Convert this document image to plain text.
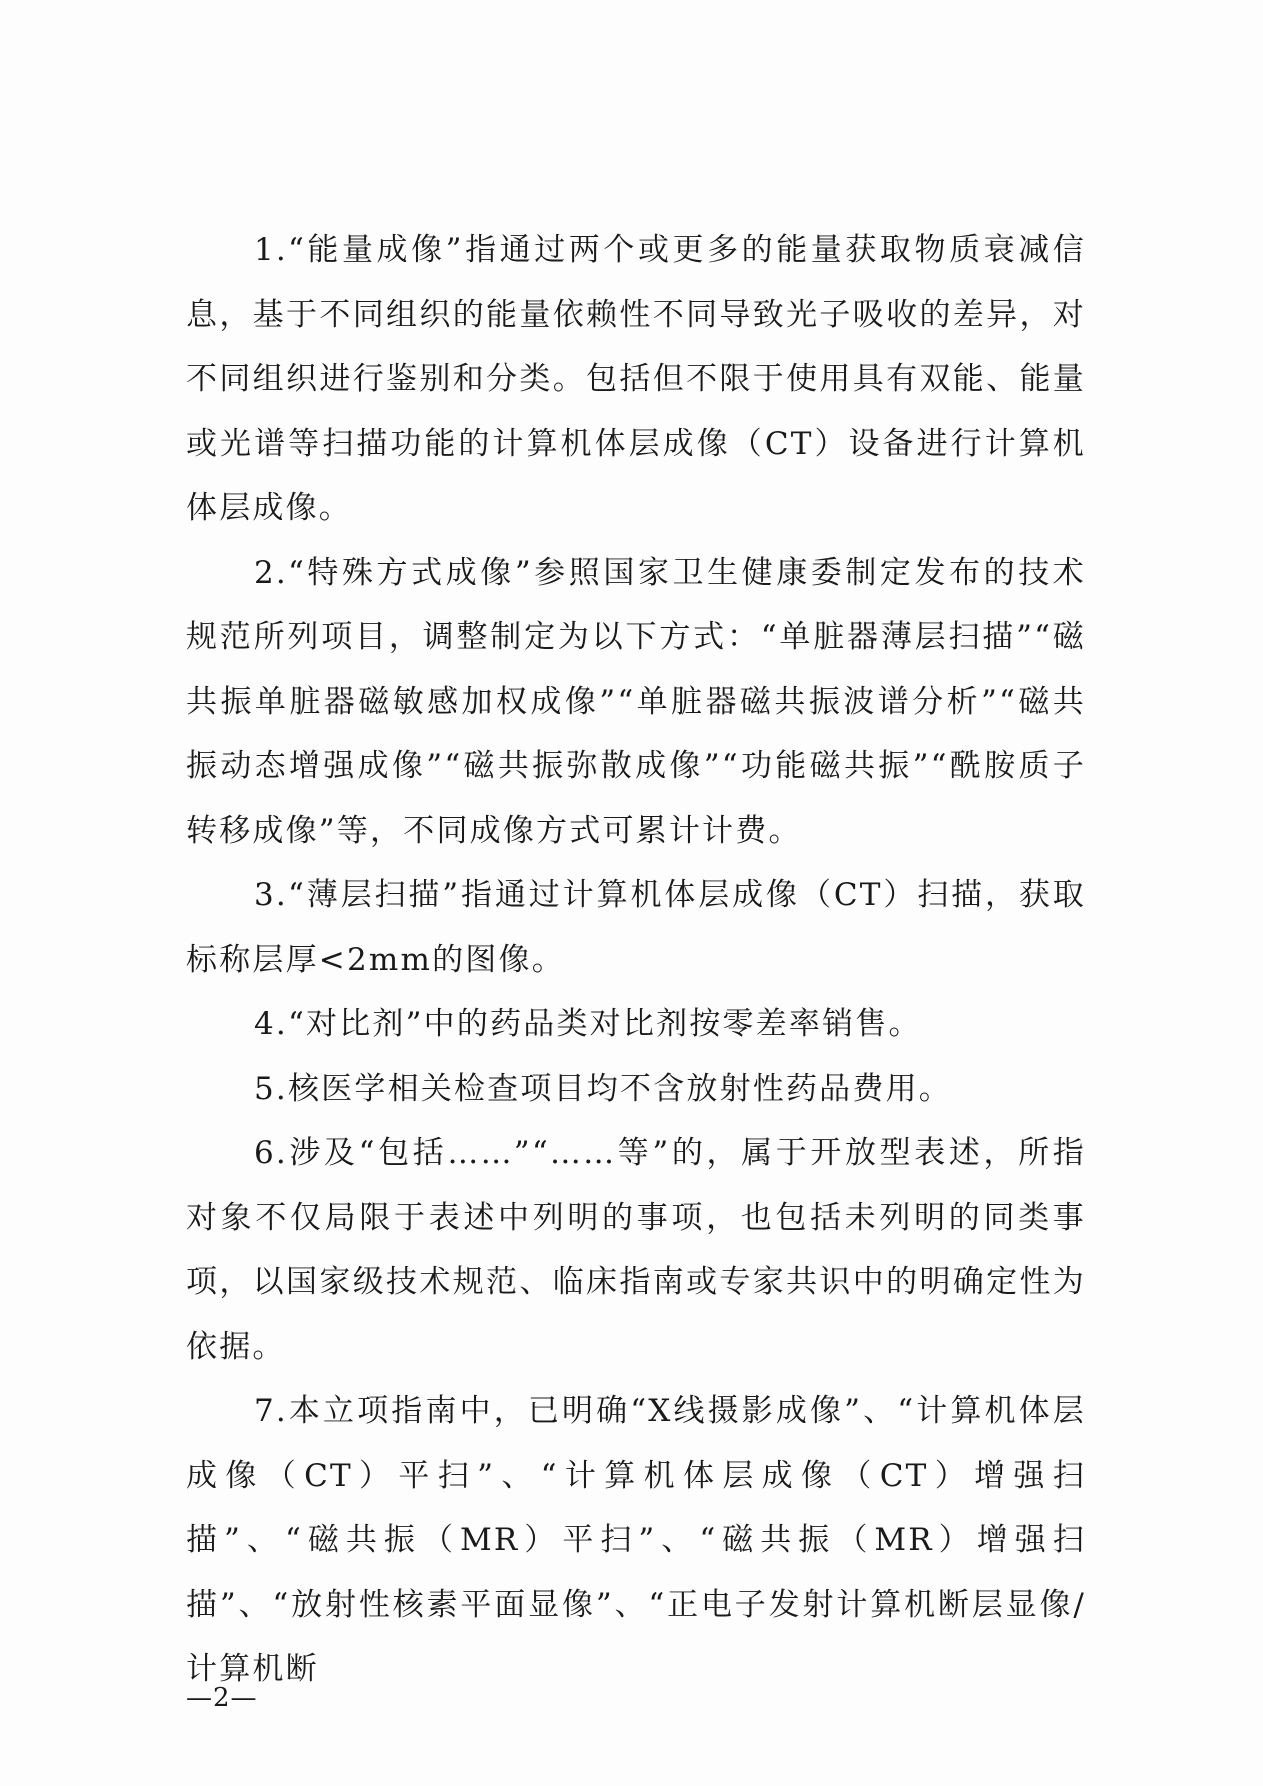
1.“能量成像”指通过两个或更多的能量获取物质衰减信息，基于不同组织的能量依赖性不同导致光子吸收的差异，对不同组织进行鉴别和分类。包括但不限于使用具有双能、能量或光谱等扫描功能的计算机体层成像（CT）设备进行计算机体层成像。

2.“特殊方式成像”参照国家卫生健康委制定发布的技术规范所列项目，调整制定为以下方式：“单脏器薄层扫描”“磁共振单脏器磁敏感加权成像”“单脏器磁共振波谱分析”“磁共振动态增强成像”“磁共振弥散成像”“功能磁共振”“酰胺质子转移成像”等，不同成像方式可累计计费。

3.“薄层扫描”指通过计算机体层成像（CT）扫描，获取标称层厚<2mm的图像。

4.“对比剂”中的药品类对比剂按零差率销售。

5.核医学相关检查项目均不含放射性药品费用。

6.涉及“包括……”“……等”的，属于开放型表述，所指对象不仅局限于表述中列明的事项，也包括未列明的同类事项，以国家级技术规范、临床指南或专家共识中的明确定性为依据。

7.本立项指南中，已明确“X线摄影成像”、“计算机体层成像（CT）平扫”、“计算机体层成像（CT）增强扫描”、“磁共振（MR）平扫”、“磁共振（MR）增强扫描”、“放射性核素平面显像”、“正电子发射计算机断层显像/计算机断

—2—
